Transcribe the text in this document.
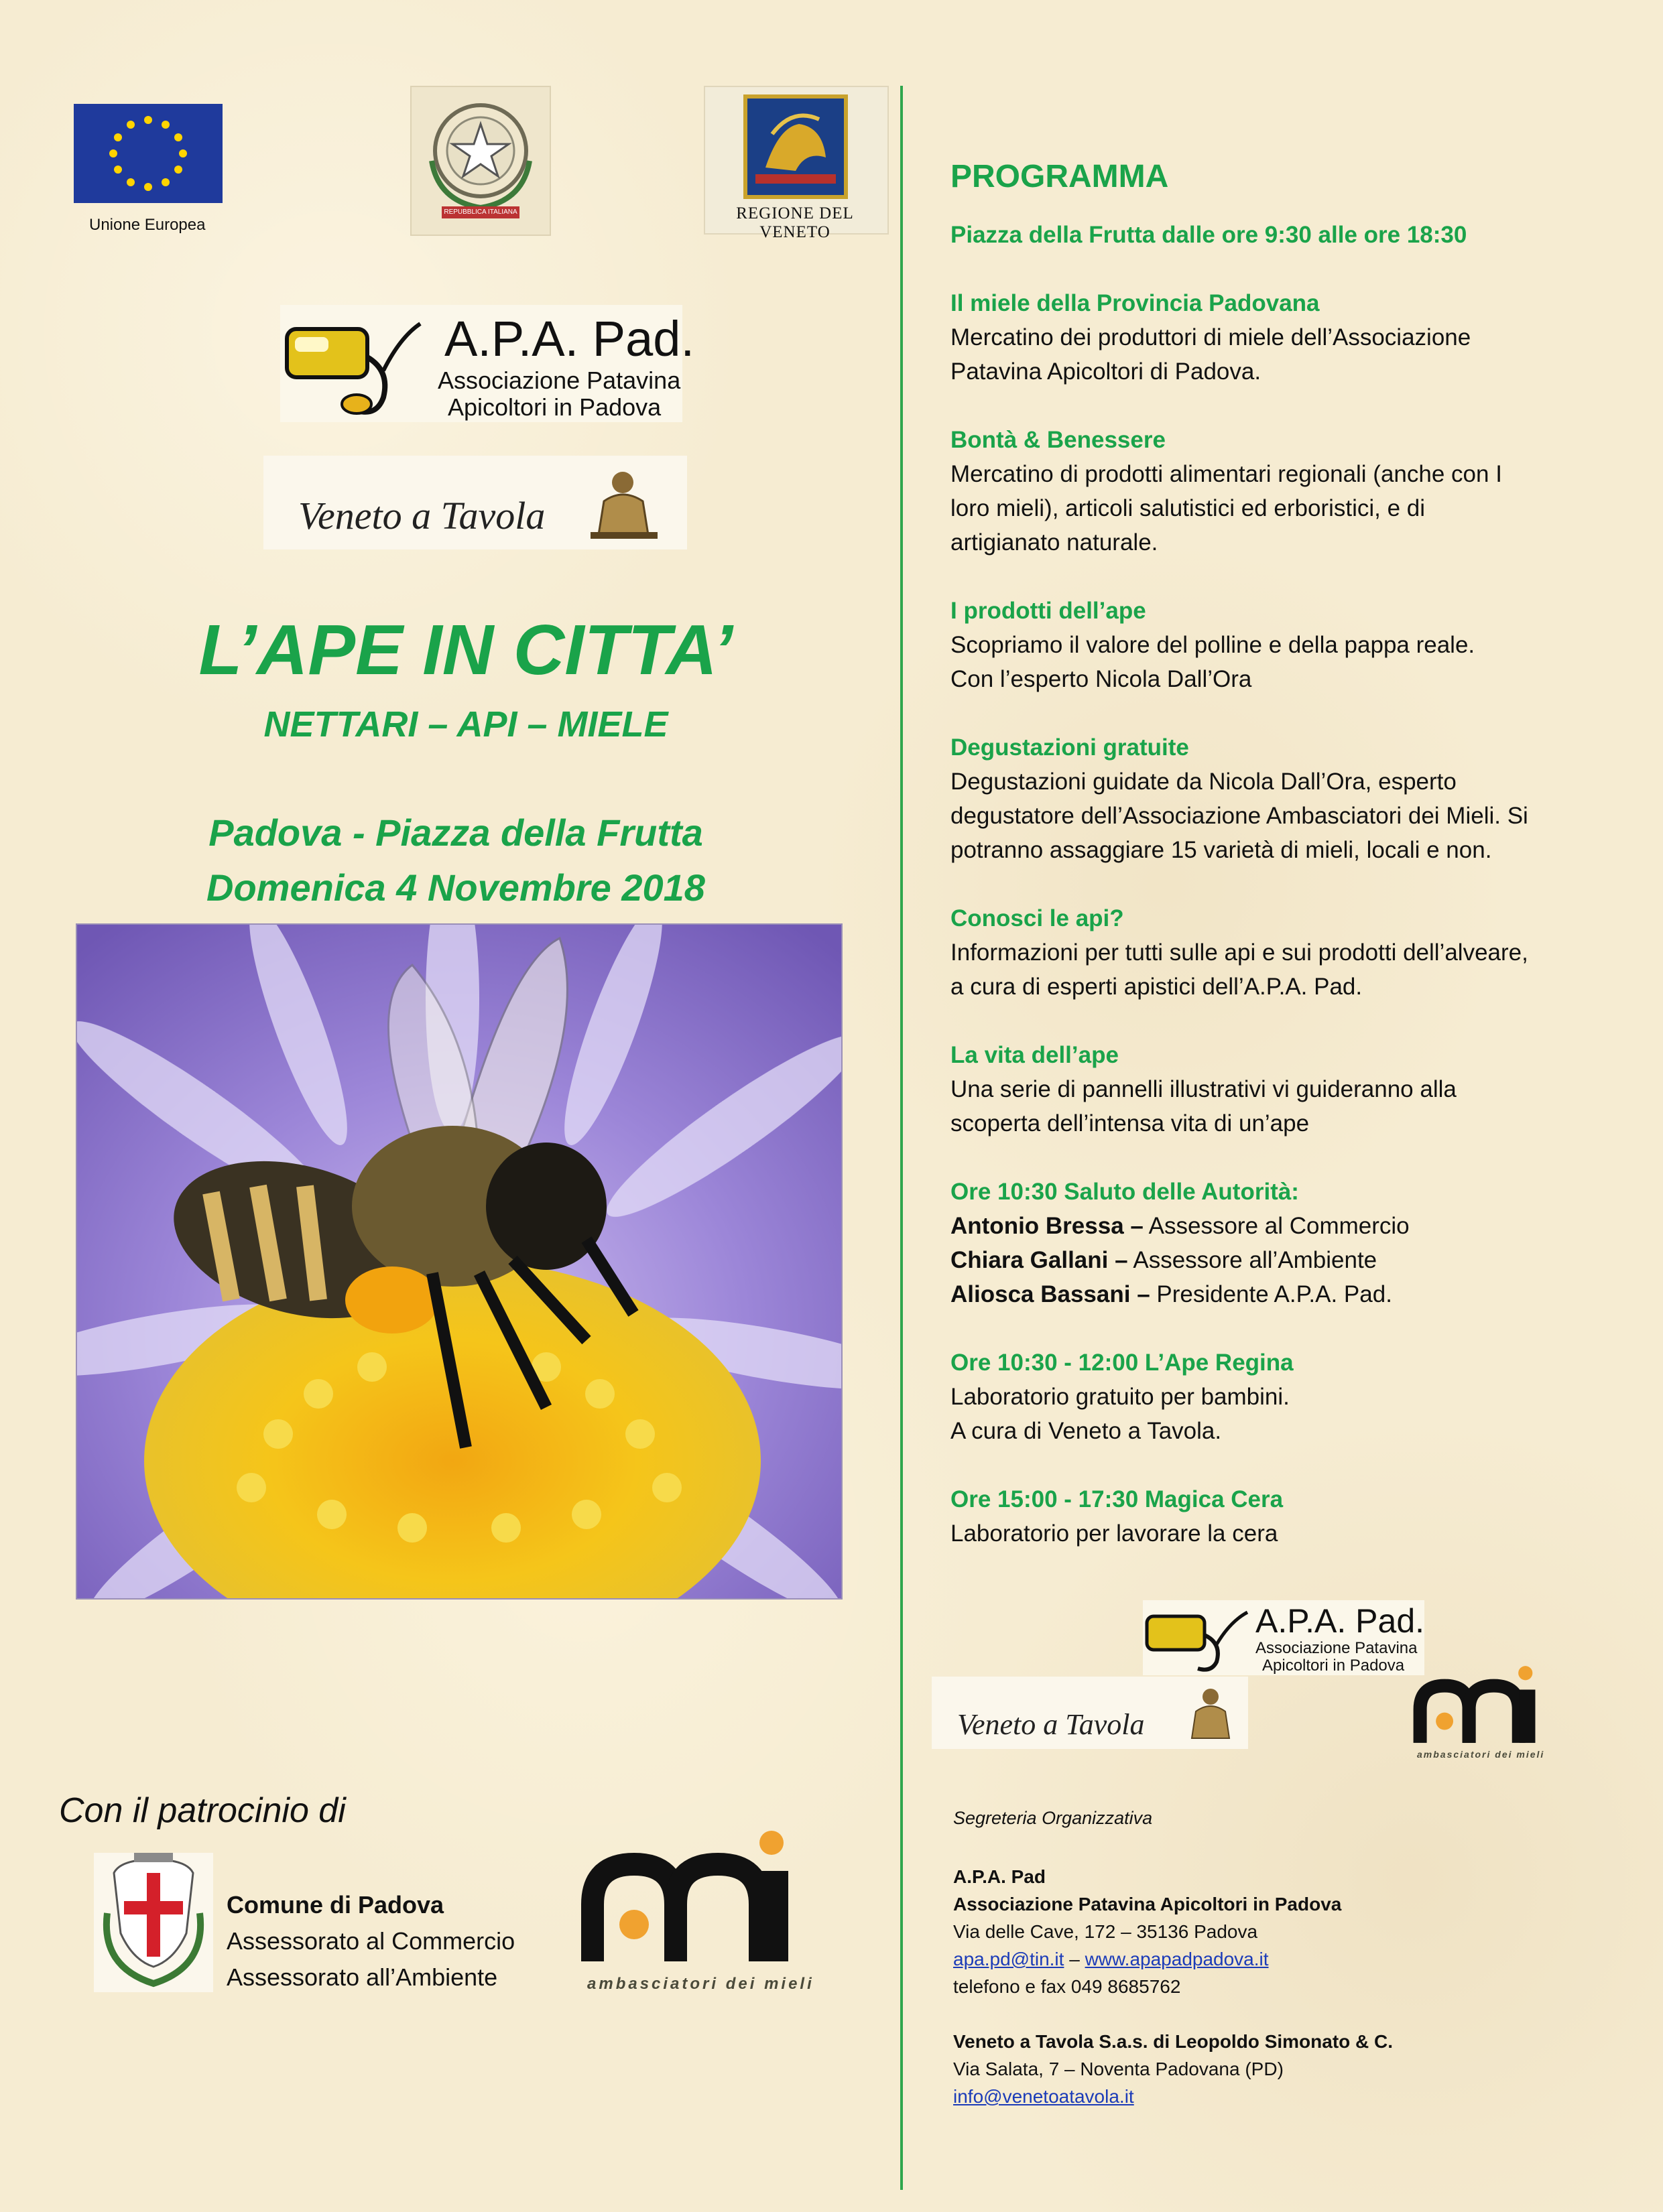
Unione Europea
REPUBBLICA ITALIANA	REGIONE DEL VENETO
A.P.A. Pad.
Associazione Patavina
Apicoltori in Padova
Veneto a Tavola
L’APE IN CITTA’
NETTARI – API – MIELE
Padova - Piazza della Frutta
Domenica 4 Novembre 2018
Con il patrocinio di
Comune di Padova
Assessorato al Commercio
Assessorato all’Ambiente	ambasciatori dei mieli
PROGRAMMA
Piazza della Frutta dalle ore 9:30 alle ore 18:30
Il miele della Provincia Padovana
Mercatino dei produttori di miele dell’Associazione
Patavina Apicoltori di Padova.
Bontà & Benessere
Mercatino di prodotti alimentari regionali (anche con I
loro mieli), articoli salutistici ed erboristici, e di
artigianato naturale.
I prodotti dell’ape
Scopriamo il valore del polline e della pappa reale.
Con l’esperto Nicola Dall’Ora
Degustazioni gratuite
Degustazioni guidate da Nicola Dall’Ora, esperto
degustatore dell’Associazione Ambasciatori dei Mieli. Si
potranno assaggiare 15 varietà di mieli, locali e non.
Conosci le api?
Informazioni per tutti sulle api e sui prodotti dell’alveare,
a cura di esperti apistici dell’A.P.A. Pad.
La vita dell’ape
Una serie di pannelli illustrativi vi guideranno alla
scoperta dell’intensa vita di un’ape
Ore 10:30 Saluto delle Autorità:
Antonio Bressa – Assessore al Commercio
Chiara Gallani – Assessore all’Ambiente
Aliosca Bassani – Presidente A.P.A. Pad.
Ore 10:30 - 12:00 L’Ape Regina
Laboratorio gratuito per bambini.
A cura di Veneto a Tavola.
Ore 15:00 - 17:30 Magica Cera
Laboratorio per lavorare la cera
A.P.A. Pad.
Associazione Patavina
Apicoltori in Padova
Veneto a Tavola
ambasciatori dei mieli
Segreteria Organizzativa
A.P.A. Pad
Associazione Patavina Apicoltori in Padova
Via delle Cave, 172 – 35136 Padova
apa.pd@tin.it – www.apapadpadova.it
telefono e fax 049 8685762
Veneto a Tavola S.a.s. di Leopoldo Simonato & C.
Via Salata, 7 – Noventa Padovana (PD)
info@venetoatavola.it
